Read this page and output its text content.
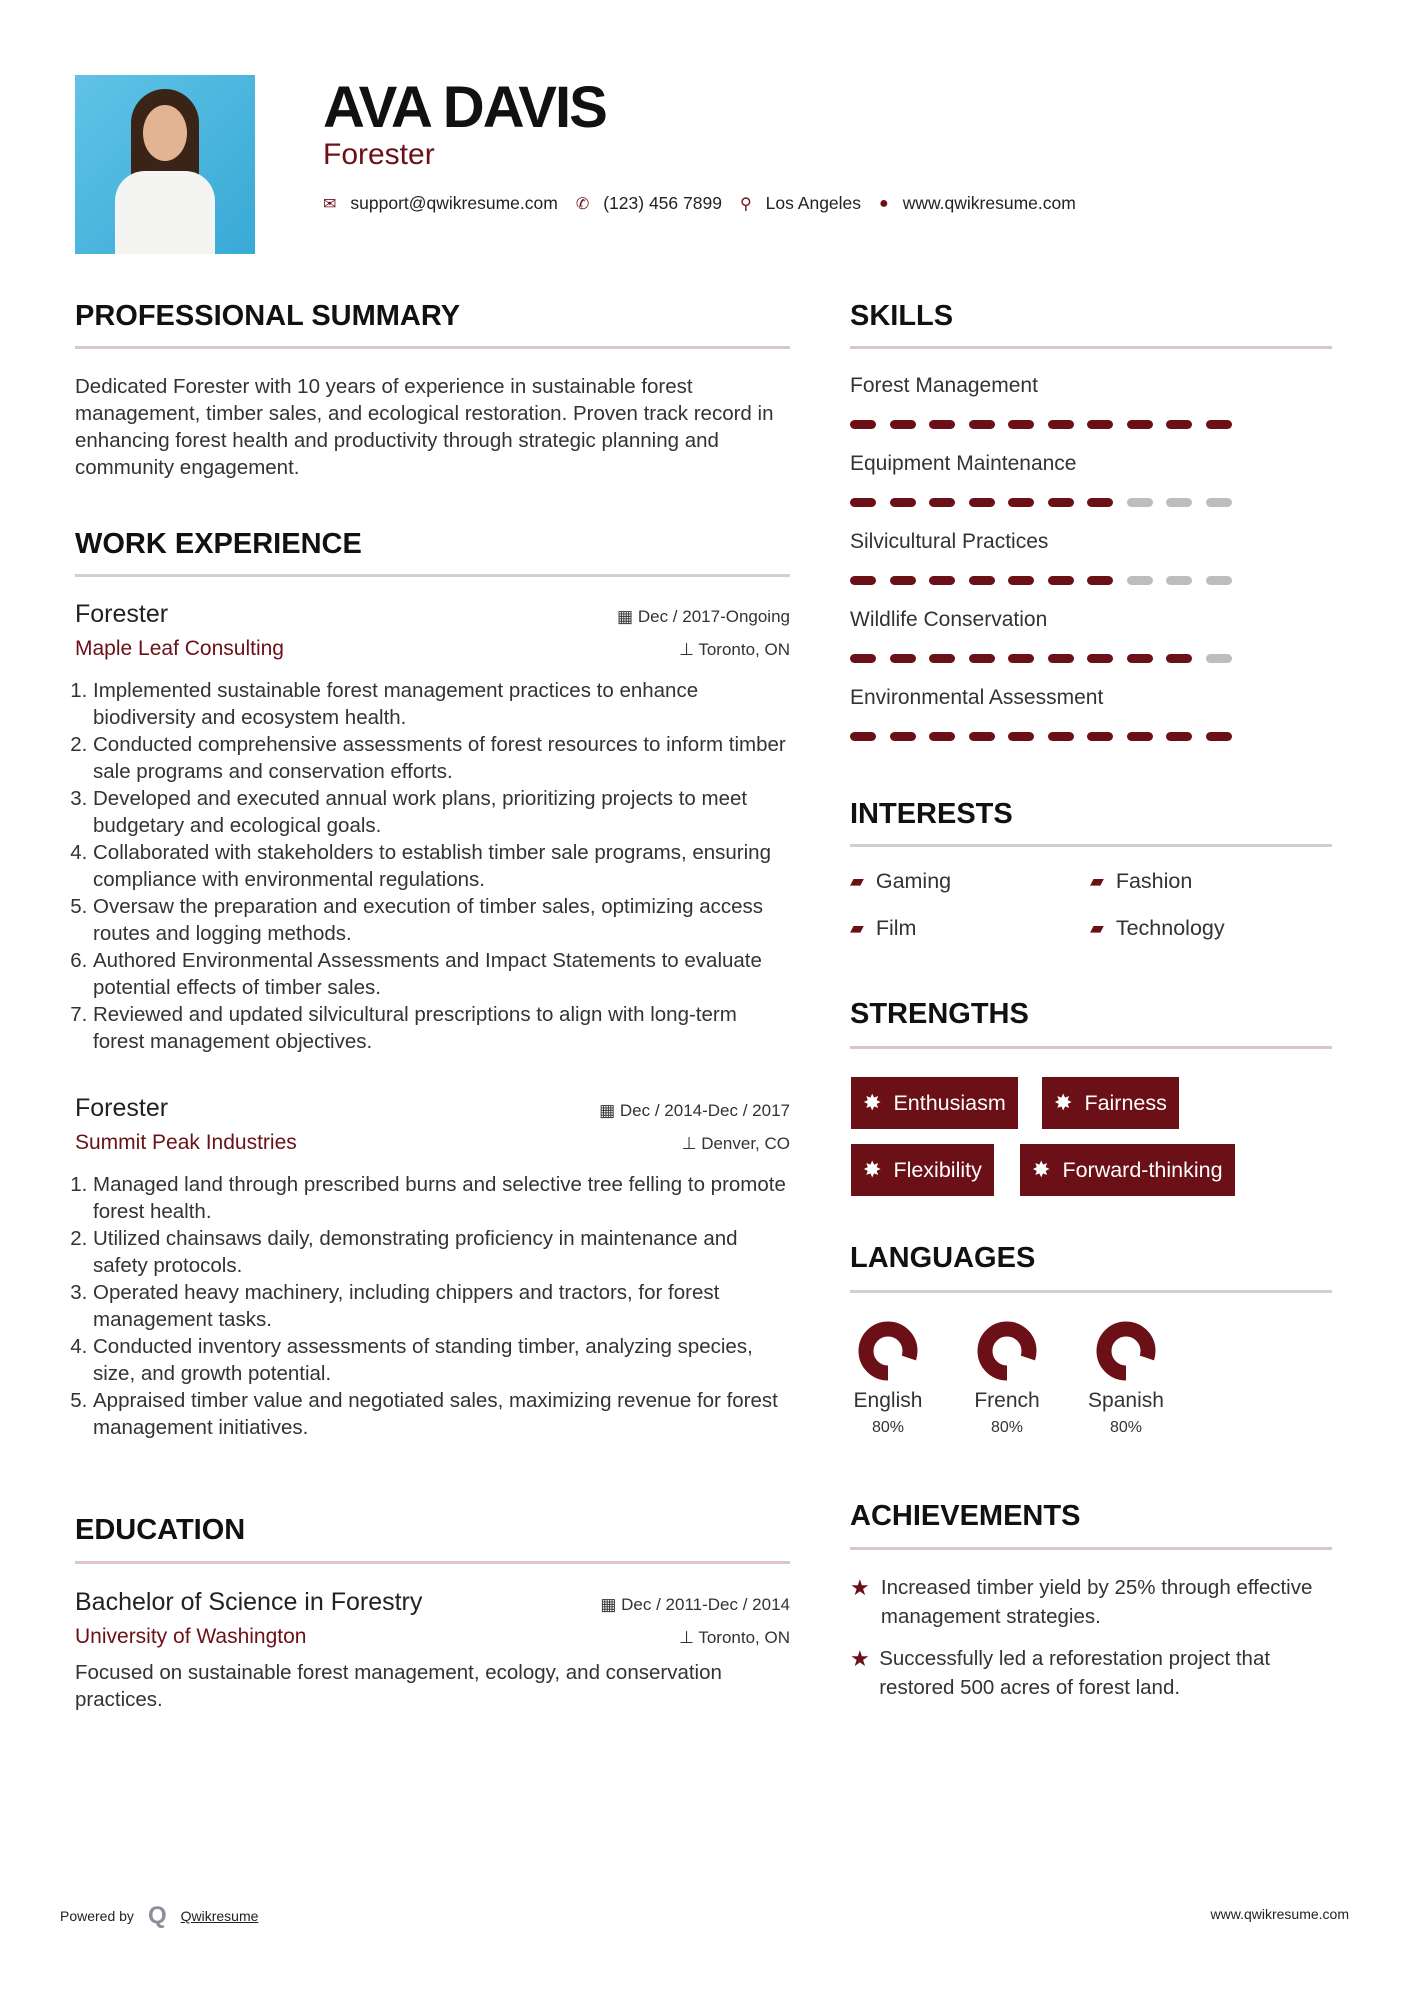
AVA DAVIS
Forester
✉ support@qwikresume.com ✆ (123) 456 7899 ⚲ Los Angeles ● www.qwikresume.com
PROFESSIONAL SUMMARY
Dedicated Forester with 10 years of experience in sustainable forest management, timber sales, and ecological restoration. Proven track record in enhancing forest health and productivity through strategic planning and community engagement.
WORK EXPERIENCE
Forester	▦ Dec / 2017-Ongoing
Maple Leaf Consulting	⊥ Toronto, ON
1. Implemented sustainable forest management practices to enhance biodiversity and ecosystem health.
2. Conducted comprehensive assessments of forest resources to inform timber sale programs and conservation efforts.
3. Developed and executed annual work plans, prioritizing projects to meet budgetary and ecological goals.
4. Collaborated with stakeholders to establish timber sale programs, ensuring compliance with environmental regulations.
5. Oversaw the preparation and execution of timber sales, optimizing access routes and logging methods.
6. Authored Environmental Assessments and Impact Statements to evaluate potential effects of timber sales.
7. Reviewed and updated silvicultural prescriptions to align with long-term forest management objectives.
Forester	▦ Dec / 2014-Dec / 2017
Summit Peak Industries	⊥ Denver, CO
1. Managed land through prescribed burns and selective tree felling to promote forest health.
2. Utilized chainsaws daily, demonstrating proficiency in maintenance and safety protocols.
3. Operated heavy machinery, including chippers and tractors, for forest management tasks.
4. Conducted inventory assessments of standing timber, analyzing species, size, and growth potential.
5. Appraised timber value and negotiated sales, maximizing revenue for forest management initiatives.
EDUCATION
Bachelor of Science in Forestry	▦ Dec / 2011-Dec / 2014
University of Washington	⊥ Toronto, ON
Focused on sustainable forest management, ecology, and conservation practices.
SKILLS
Forest Management
Equipment Maintenance
Silvicultural Practices
Wildlife Conservation
Environmental Assessment
INTERESTS
▰ Gaming	▰ Fashion
▰ Film	▰ Technology
STRENGTHS
✸ Enthusiasm ✸ Fairness
✸ Flexibility ✸ Forward-thinking
LANGUAGES
English
80%
French
80%
Spanish
80%
ACHIEVEMENTS
★ Increased timber yield by 25% through effective management strategies.
★ Successfully led a reforestation project that restored 500 acres of forest land.
Powered by Q Qwikresume	www.qwikresume.com
